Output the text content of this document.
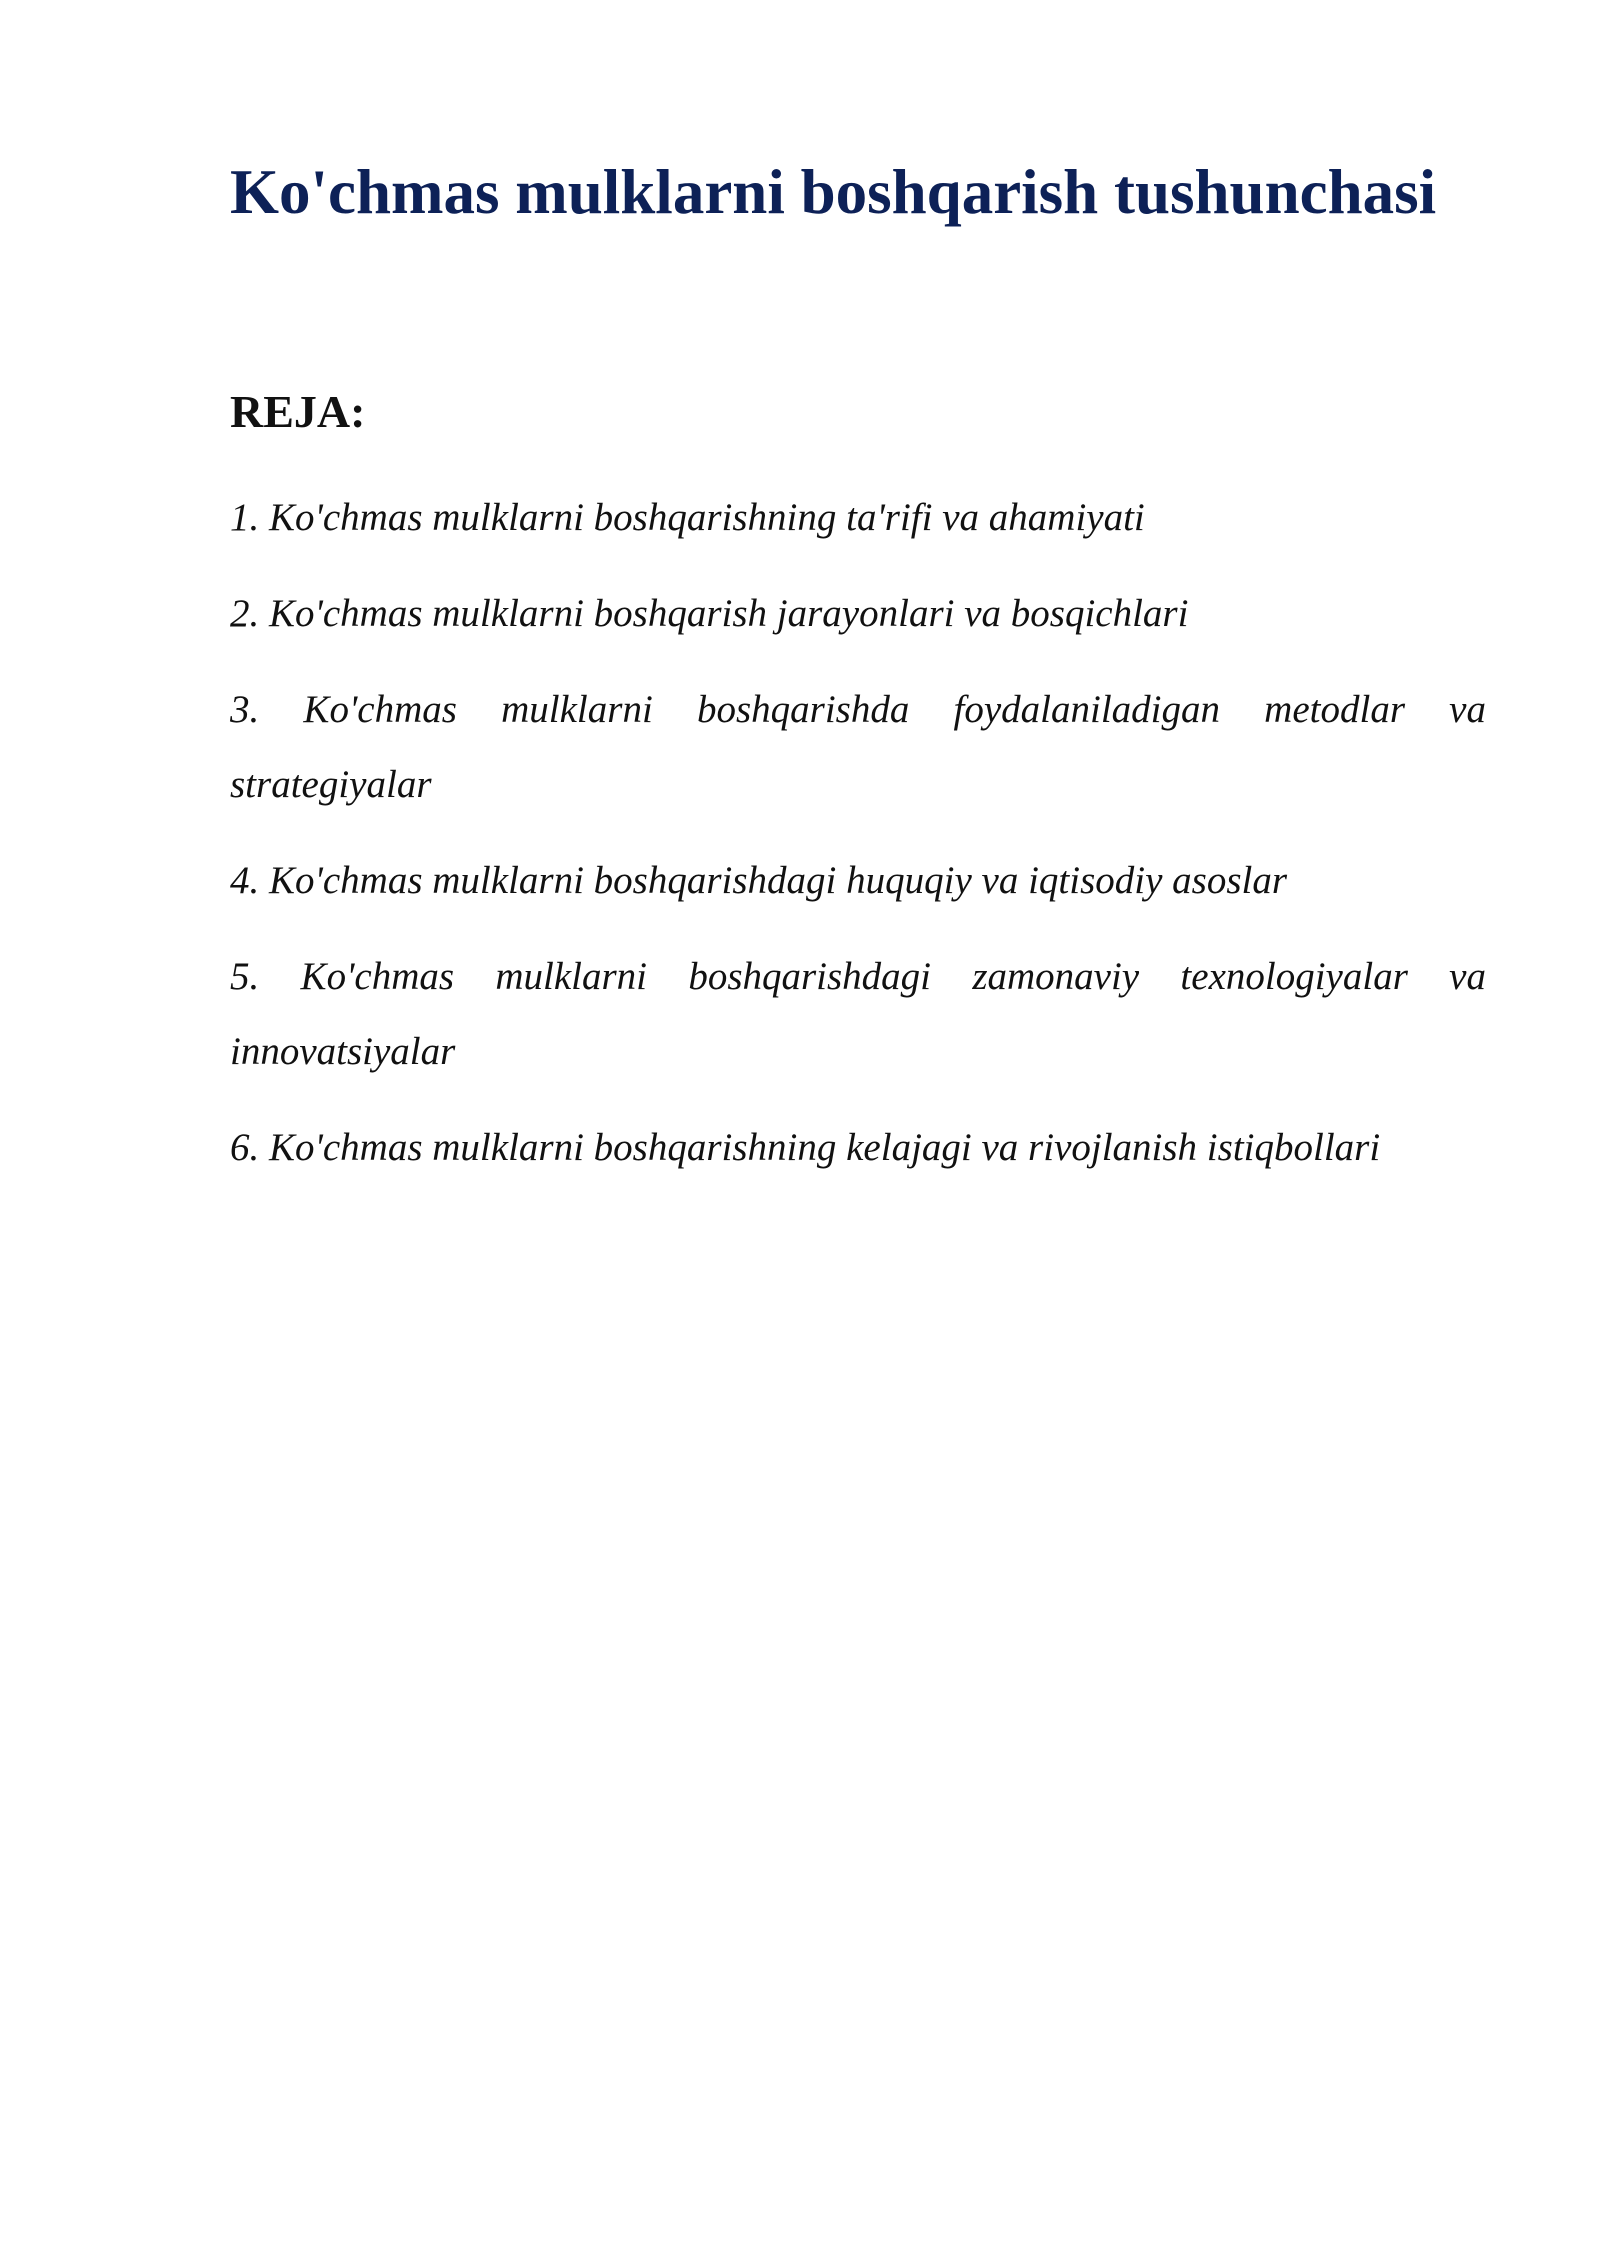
Ko'chmas mulklarni boshqarish tushunchasi
REJA:
1. Ko'chmas mulklarni boshqarishning ta'rifi va ahamiyati
2. Ko'chmas mulklarni boshqarish jarayonlari va bosqichlari
3. Ko'chmas mulklarni boshqarishda foydalaniladigan metodlar va strategiyalar
4. Ko'chmas mulklarni boshqarishdagi huquqiy va iqtisodiy asoslar
5. Ko'chmas mulklarni boshqarishdagi zamonaviy texnologiyalar va innovatsiyalar
6. Ko'chmas mulklarni boshqarishning kelajagi va rivojlanish istiqbollari
